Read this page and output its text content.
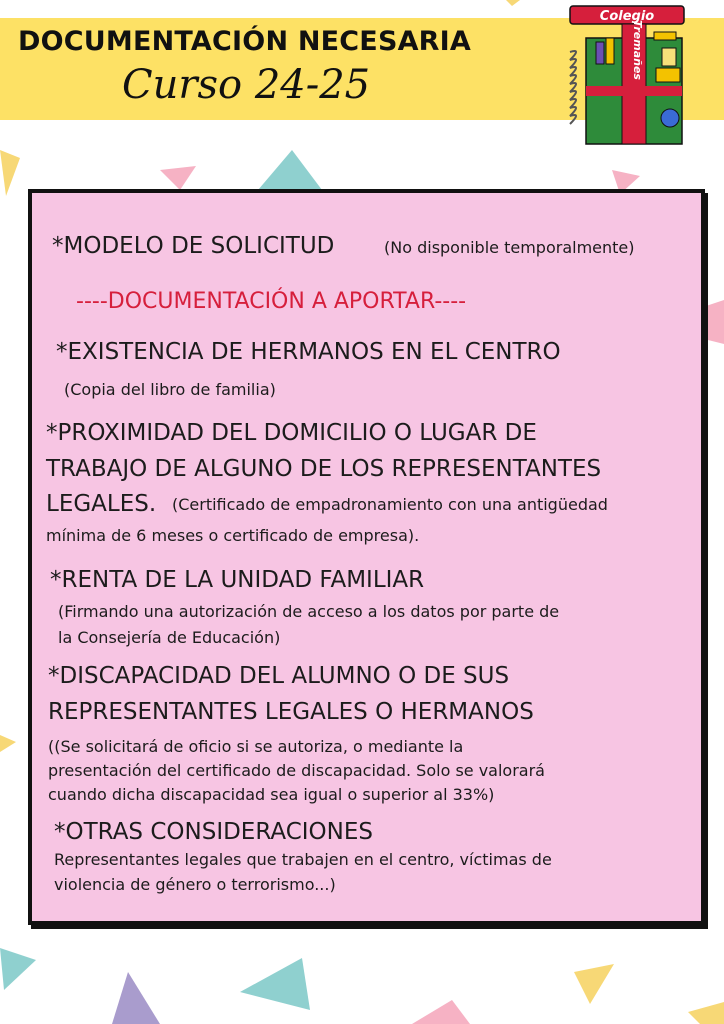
DOCUMENTACIÓN NECESARIA
Curso 24-25
Colegio
Tremañes
*MODELO DE SOLICITUD	(No disponible temporalmente)
----DOCUMENTACIÓN A APORTAR----
*EXISTENCIA DE HERMANOS EN EL CENTRO
(Copia del libro de familia)
*PROXIMIDAD DEL DOMICILIO O LUGAR DE
TRABAJO DE ALGUNO DE LOS REPRESENTANTES
LEGALES. (Certificado de empadronamiento con una antigüedad
mínima de 6 meses o certificado de empresa).
*RENTA DE LA UNIDAD FAMILIAR
(Firmando una autorización de acceso a los datos por parte de
la Consejería de Educación)
*DISCAPACIDAD DEL ALUMNO O DE SUS
REPRESENTANTES LEGALES O HERMANOS
((Se solicitará de oficio si se autoriza, o mediante la
presentación del certificado de discapacidad. Solo se valorará
cuando dicha discapacidad sea igual o superior al 33%)
*OTRAS CONSIDERACIONES
Representantes legales que trabajen en el centro, víctimas de
violencia de género o terrorismo...)
